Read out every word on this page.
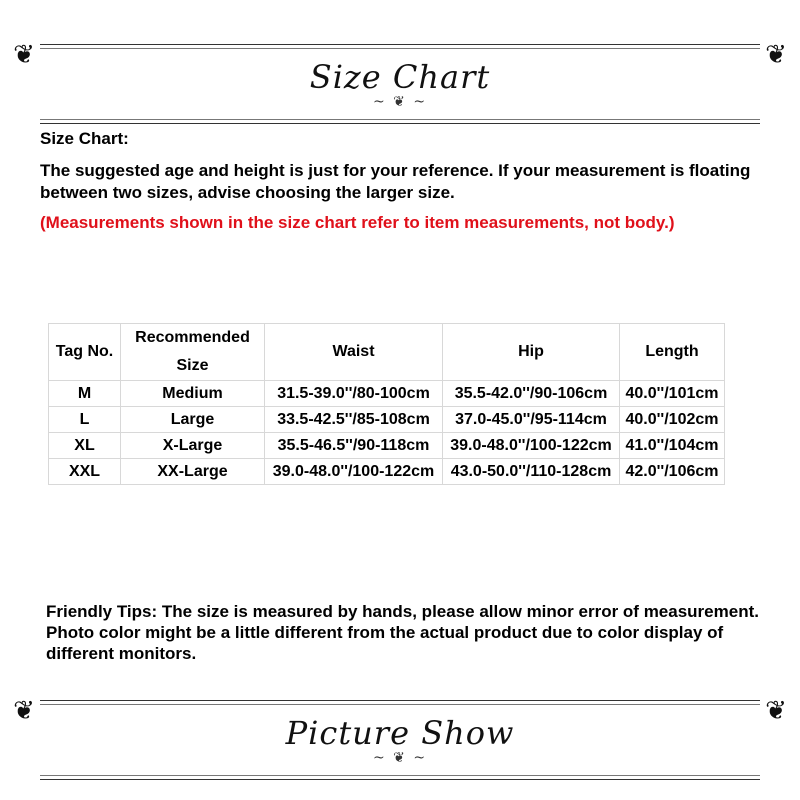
❦
Size Chart
~ ❦ ~
❦
Size Chart:
The suggested age and height is just for your reference. If your measurement is floating between two sizes, advise choosing the larger size.
(Measurements shown in the size chart refer to item measurements, not body.)
Tag No.	Recommended Size	Waist	Hip	Length
M	Medium	31.5-39.0''/80-100cm	35.5-42.0''/90-106cm	40.0''/101cm
L	Large	33.5-42.5''/85-108cm	37.0-45.0''/95-114cm	40.0''/102cm
XL	X-Large	35.5-46.5''/90-118cm	39.0-48.0''/100-122cm	41.0''/104cm
XXL	XX-Large	39.0-48.0''/100-122cm	43.0-50.0''/110-128cm	42.0''/106cm
Friendly Tips: The size is measured by hands, please allow minor error of measurement. Photo color might be a little different from the actual product due to color display of different monitors.
❦
Picture Show
~ ❦ ~
❦
